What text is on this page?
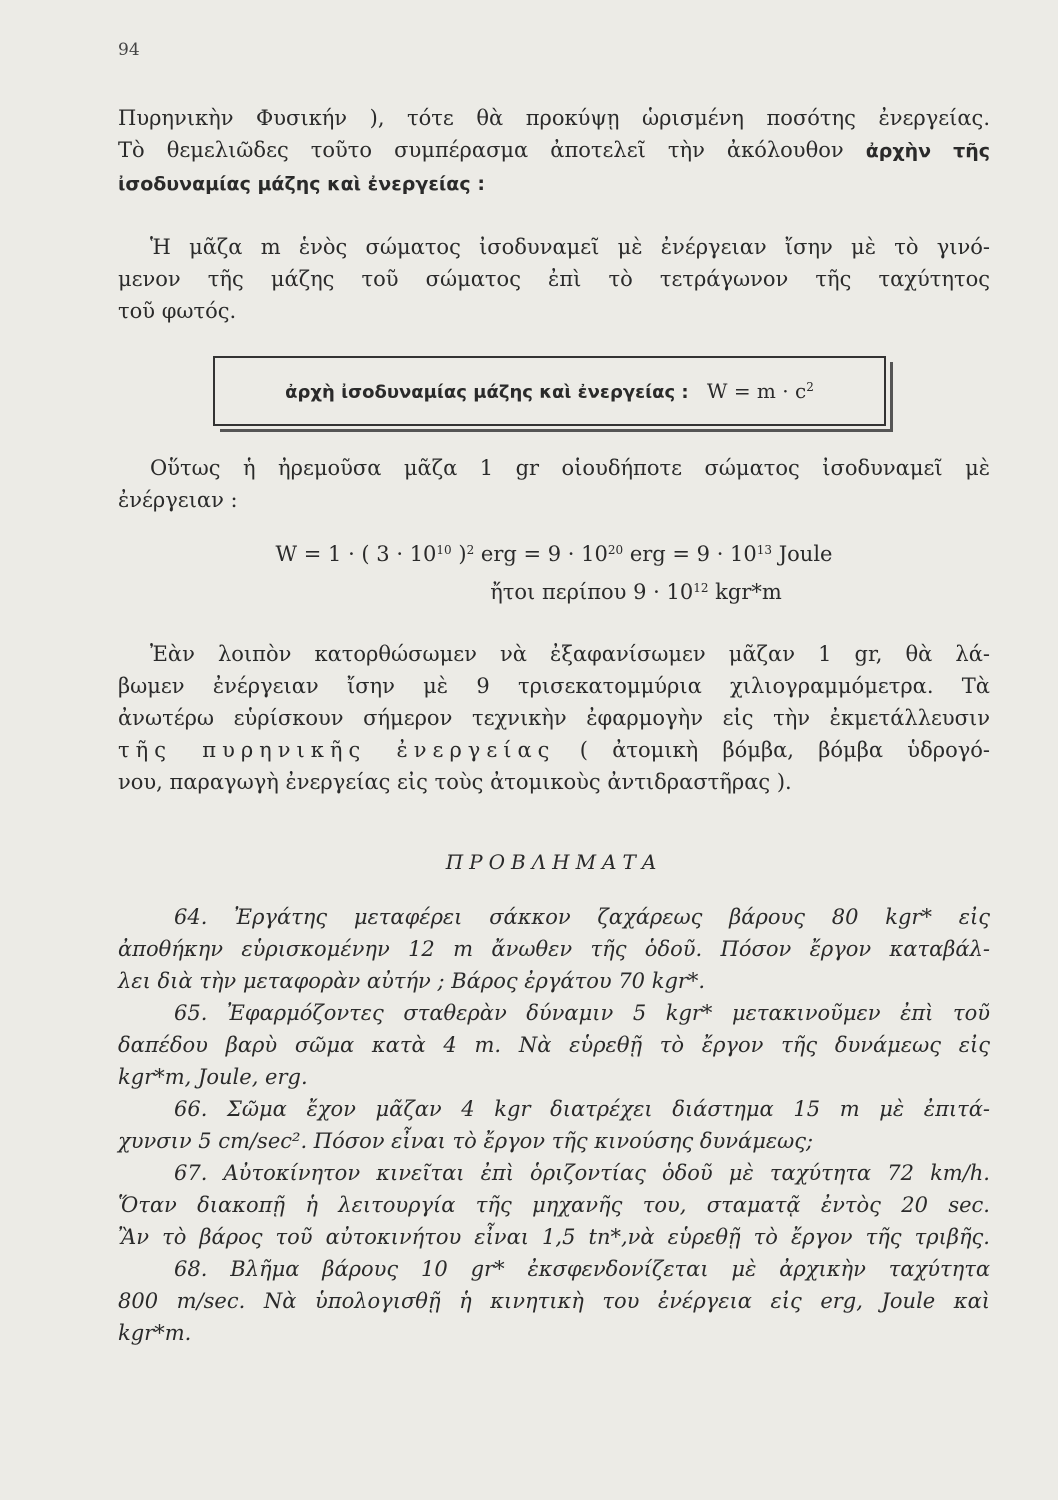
94

Πυρηνικὴν Φυσικήν ), τότε θὰ προκύψῃ ὡρισμένη ποσότης ἐνεργείας.
Τὸ θεμελιῶδες τοῦτο συμπέρασμα ἀποτελεῖ τὴν ἀκόλουθον ἀρχὴν τῆς
ἰσοδυναμίας μάζης καὶ ἐνεργείας :

Ἡ μᾶζα m ἑνὸς σώματος ἰσοδυναμεῖ μὲ ἐνέργειαν ἴσην μὲ τὸ γινό-
μενον τῆς μάζης τοῦ σώματος ἐπὶ τὸ τετράγωνον τῆς ταχύτητος
τοῦ φωτός.

ἀρχὴ ἰσοδυναμίας μάζης καὶ ἐνεργείας : $W = m \cdot c^2$

Οὕτως ἡ ἠρεμοῦσα μᾶζα 1 gr οἱουδήποτε σώματος ἰσοδυναμεῖ μὲ
ἐνέργειαν :

W = 1 · ( $3 \cdot 10^{10}$ )$^2$ erg = $9 \cdot 10^{20}$ erg = $9 \cdot 10^{13}$ Joule
ἤτοι περίπου $9 \cdot 10^{12}$ kgr*m

Ἐὰν λοιπὸν κατορθώσωμεν νὰ ἐξαφανίσωμεν μᾶζαν 1 gr, θὰ λά-
βωμεν ἐνέργειαν ἴσην μὲ 9 τρισεκατομμύρια χιλιογραμμόμετρα. Τὰ
ἀνωτέρω εὑρίσκουν σήμερον τεχνικὴν ἐφαρμογὴν εἰς τὴν ἐκμετάλλευσιν
τῆς πυρηνικῆς ἐνεργείας ( ἀτομικὴ βόμβα, βόμβα ὑδρογό-
νου, παραγωγὴ ἐνεργείας εἰς τοὺς ἀτομικοὺς ἀντιδραστῆρας ).

ΠΡΟΒΛΗΜΑΤΑ

64. Ἐργάτης μεταφέρει σάκκον ζαχάρεως βάρους 80 kgr* εἰς
ἀποθήκην εὑρισκομένην 12 m ἄνωθεν τῆς ὁδοῦ. Πόσον ἔργον καταβάλ-
λει διὰ τὴν μεταφορὰν αὐτήν ; Βάρος ἐργάτου 70 kgr*.
65. Ἐφαρμόζοντες σταθερὰν δύναμιν 5 kgr* μετακινοῦμεν ἐπὶ τοῦ
δαπέδου βαρὺ σῶμα κατὰ 4 m. Νὰ εὑρεθῇ τὸ ἔργον τῆς δυνάμεως εἰς
kgr*m, Joule, erg.
66. Σῶμα ἔχον μᾶζαν 4 kgr διατρέχει διάστημα 15 m μὲ ἐπιτά-
χυνσιν 5 cm/sec². Πόσον εἶναι τὸ ἔργον τῆς κινούσης δυνάμεως;
67. Αὐτοκίνητον κινεῖται ἐπὶ ὁριζοντίας ὁδοῦ μὲ ταχύτητα 72 km/h.
Ὅταν διακοπῇ ἡ λειτουργία τῆς μηχανῆς του, σταματᾷ ἐντὸς 20 sec.
Ἂν τὸ βάρος τοῦ αὐτοκινήτου εἶναι 1,5 tn*,νὰ εὑρεθῇ τὸ ἔργον τῆς τριβῆς.
68. Βλῆμα βάρους 10 gr* ἐκσφενδονίζεται μὲ ἀρχικὴν ταχύτητα
800 m/sec. Νὰ ὑπολογισθῇ ἡ κινητικὴ του ἐνέργεια εἰς erg, Joule καὶ
kgr*m.
